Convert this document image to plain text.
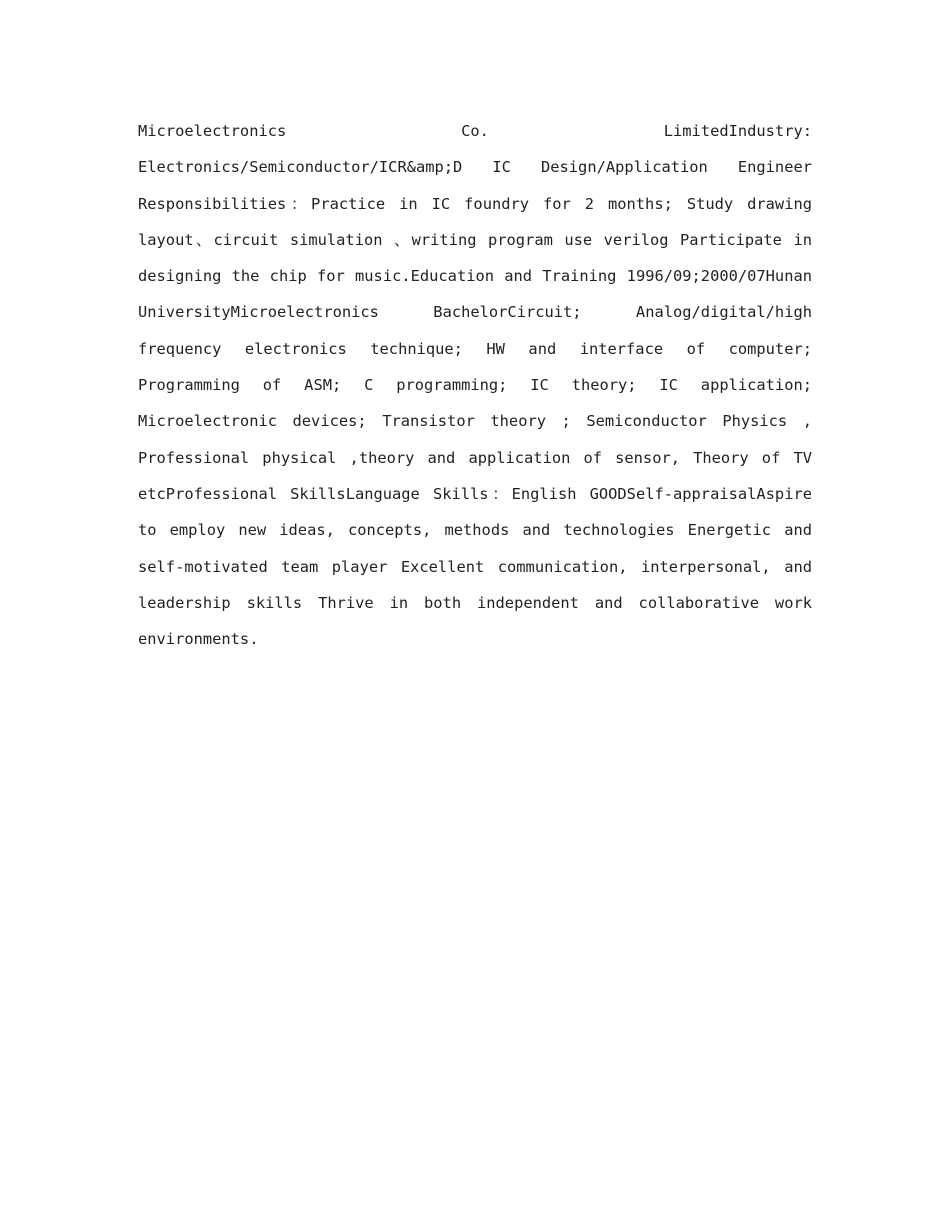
Microelectronics Co. LimitedIndustry: Electronics/Semiconductor/ICR&amp;D IC Design/Application Engineer Responsibilities：Practice in IC foundry for 2 months; Study drawing layout、circuit simulation 、writing program use verilog Participate in designing the chip for music.Education and Training 1996/09;2000/07Hunan UniversityMicroelectronics BachelorCircuit; Analog/digital/high frequency electronics technique; HW and interface of computer; Programming of ASM; C programming; IC theory; IC application; Microelectronic devices; Transistor theory ; Semiconductor Physics , Professional physical ,theory and application of sensor, Theory of TV etcProfessional SkillsLanguage Skills：English GOODSelf-appraisalAspire to employ new ideas, concepts, methods and technologies Energetic and self-motivated team player Excellent communication, interpersonal, and leadership skills Thrive in both independent and collaborative work environments.
